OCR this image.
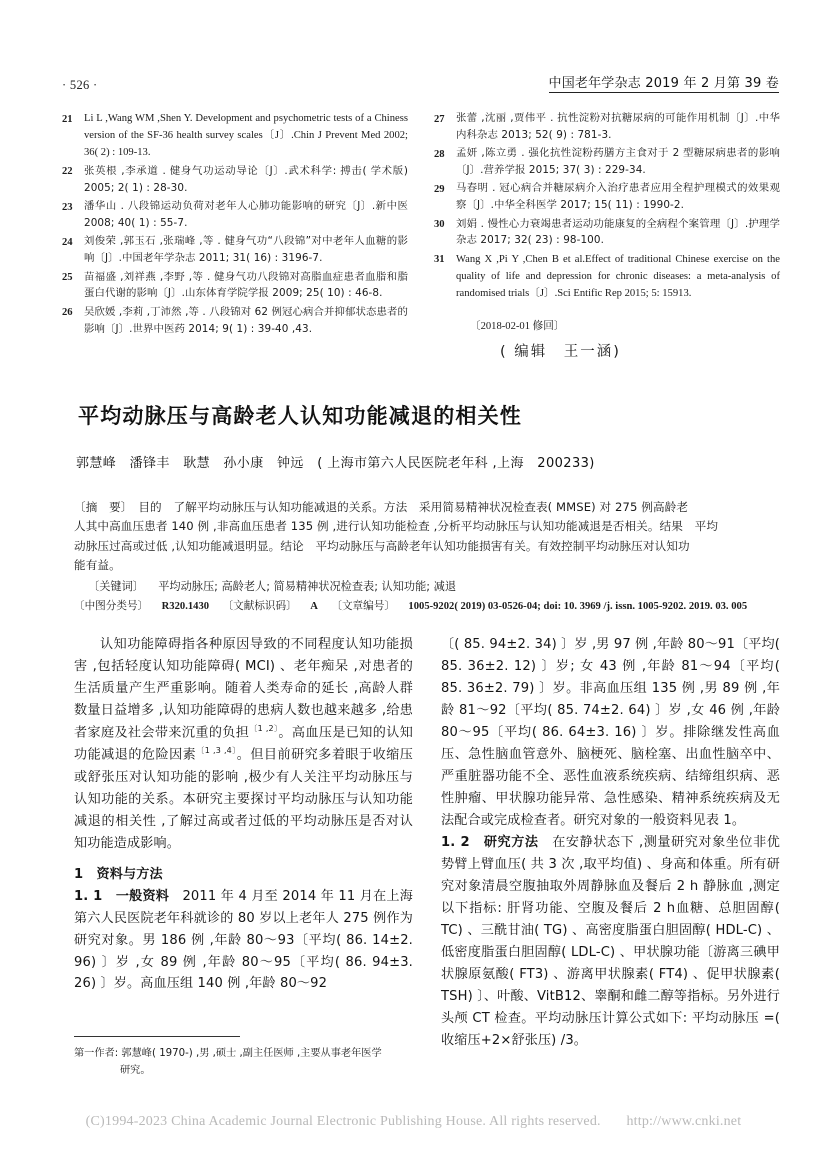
· 526 ·	中国老年学杂志 2019 年 2 月第 39 卷
21	Li L ,Wang WM ,Shen Y. Development and psychometric tests of a Chiness version of the SF-36 health survey scales〔J〕.Chin J Prevent Med 2002; 36( 2) : 109-13.
22	张英根 ,李承道 . 健身气功运动导论〔J〕.武术科学: 搏击( 学术版) 2005; 2( 1) : 28-30.
23	潘华山 . 八段锦运动负荷对老年人心肺功能影响的研究〔J〕.新中医 2008; 40( 1) : 55-7.
24	刘俊荣 ,郭玉石 ,张瑞峰 ,等 . 健身气功“八段锦”对中老年人血糖的影响〔J〕.中国老年学杂志 2011; 31( 16) : 3196-7.
25	苗福盛 ,刘祥燕 ,李野 ,等 . 健身气功八段锦对高脂血症患者血脂和脂蛋白代谢的影响〔J〕.山东体育学院学报 2009; 25( 10) : 46-8.
26	吴欣媛 ,李莉 ,丁沛然 ,等 . 八段锦对 62 例冠心病合并抑郁状态患者的影响〔J〕.世界中医药 2014; 9( 1) : 39-40 ,43.
27	张蕾 ,沈丽 ,贾伟平 . 抗性淀粉对抗糖尿病的可能作用机制〔J〕.中华内科杂志 2013; 52( 9) : 781-3.
28	孟妍 ,陈立勇 . 强化抗性淀粉药膳方主食对于 2 型糖尿病患者的影响〔J〕.营养学报 2015; 37( 3) : 229-34.
29	马春明 . 冠心病合并糖尿病介入治疗患者应用全程护理模式的效果观察〔J〕.中华全科医学 2017; 15( 11) : 1990-2.
30	刘娟 . 慢性心力衰竭患者运动功能康复的全病程个案管理〔J〕.护理学杂志 2017; 32( 23) : 98-100.
31	Wang X ,Pi Y ,Chen B et al.Effect of traditional Chinese exercise on the quality of life and depression for chronic diseases: a meta-analysis of randomised trials〔J〕.Sci Entific Rep 2015; 5: 15913.
〔2018-02-01 修回〕
( 编辑　王一涵)
平均动脉压与高龄老人认知功能减退的相关性
郭慧峰　潘锋丰　耿慧　孙小康　钟远　( 上海市第六人民医院老年科 ,上海　200233)

〔摘　要〕　目的　了解平均动脉压与认知功能减退的关系。方法　采用简易精神状况检查表( MMSE) 对 275 例高龄老

人其中高血压患者 140 例 ,非高血压患者 135 例 ,进行认知功能检查 ,分析平均动脉压与认知功能减退是否相关。结果　平均

动脉压过高或过低 ,认知功能减退明显。结论　平均动脉压与高龄老年认知功能损害有关。有效控制平均动脉压对认知功

能有益。

〔关键词〕 平均动脉压; 高龄老人; 简易精神状况检查表; 认知功能; 减退
〔中图分类号〕 R320.1430 〔文献标识码〕 A 〔文章编号〕 1005-9202( 2019) 03-0526-04; doi: 10. 3969 /j. issn. 1005-9202. 2019. 03. 005

认知功能障碍指各种原因导致的不同程度认知功能损害 ,包括轻度认知功能障碍( MCI) 、老年痴呆 ,对患者的生活质量产生严重影响。随着人类寿命的延长 ,高龄人群数量日益增多 ,认知功能障碍的患病人数也越来越多 ,给患者家庭及社会带来沉重的负担$^{〔1 ,2〕}$。高血压是已知的认知功能减退的危险因素$^{〔1 ,3 ,4〕}$。但目前研究多着眼于收缩压或舒张压对认知功能的影响 ,极少有人关注平均动脉压与认知功能的关系。本研究主要探讨平均动脉压与认知功能减退的相关性 ,了解过高或者过低的平均动脉压是否对认知功能造成影响。

1　资料与方法

1. 1　一般资料　2011 年 4 月至 2014 年 11 月在上海第六人民医院老年科就诊的 80 岁以上老年人 275 例作为研究对象。男 186 例 ,年龄 80～93〔平均( 86. 14±2. 96) 〕岁 ,女 89 例 ,年龄 80～95〔平均( 86. 94±3. 26) 〕岁。高血压组 140 例 ,年龄 80～92

〔( 85. 94±2. 34) 〕岁 ,男 97 例 ,年龄 80～91〔平均( 85. 36±2. 12) 〕岁; 女 43 例 ,年龄 81～94〔平均( 85. 36±2. 79) 〕岁。非高血压组 135 例 ,男 89 例 ,年龄 81～92〔平均( 85. 74±2. 64) 〕岁 ,女 46 例 ,年龄 80～95〔平均( 86. 64±3. 16) 〕岁。排除继发性高血压、急性脑血管意外、脑梗死、脑栓塞、出血性脑卒中、严重脏器功能不全、恶性血液系统疾病、结缔组织病、恶性肿瘤、甲状腺功能异常、急性感染、精神系统疾病及无法配合或完成检查者。研究对象的一般资料见表 1。

1. 2　研究方法　在安静状态下 ,测量研究对象坐位非优势臂上臂血压( 共 3 次 ,取平均值) 、身高和体重。所有研究对象清晨空腹抽取外周静脉血及餐后 2 h 静脉血 ,测定以下指标: 肝肾功能、空腹及餐后 2 h血糖、总胆固醇( TC) 、三酰甘油( TG) 、高密度脂蛋白胆固醇( HDL-C) 、低密度脂蛋白胆固醇( LDL-C) 、甲状腺功能〔游离三碘甲状腺原氨酸( FT3) 、游离甲状腺素( FT4) 、促甲状腺素( TSH) 〕、叶酸、VitB12、睾酮和雌二醇等指标。另外进行头颅 CT 检查。平均动脉压计算公式如下: 平均动脉压 =( 收缩压+2×舒张压) /3。

第一作者: 郭慧峰( 1970-) ,男 ,硕士 ,副主任医师 ,主要从事老年医学
研究。
(C)1994-2023 China Academic Journal Electronic Publishing House. All rights reserved. http://www.cnki.net
